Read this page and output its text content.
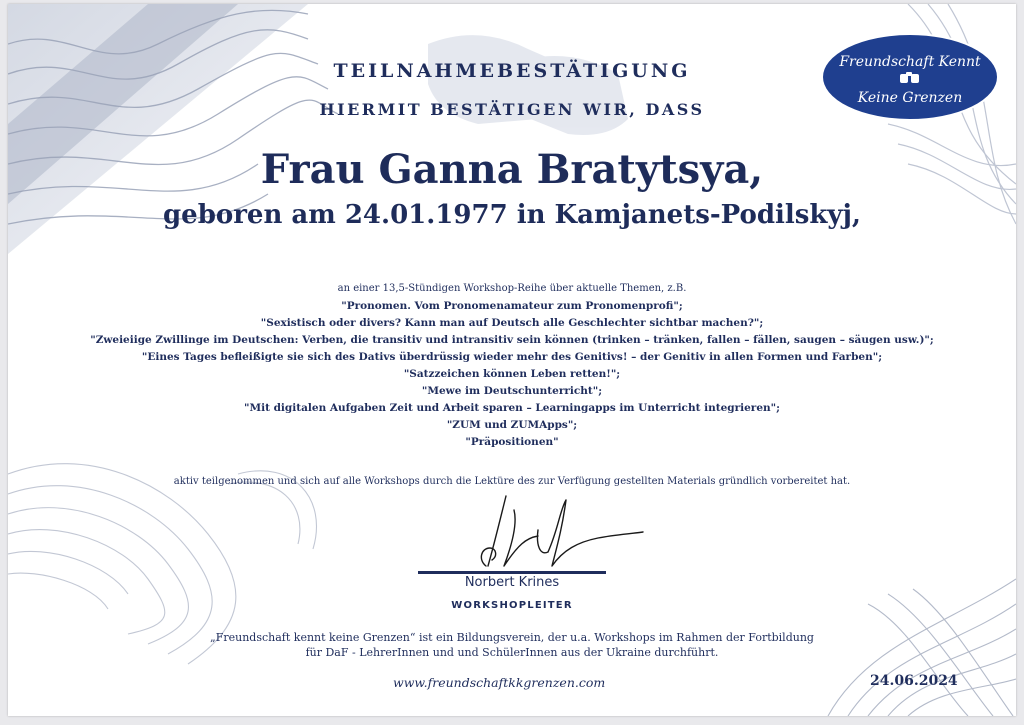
Freundschaft Kennt
Keine Grenzen
TEILNAHMEBESTÄTIGUNG
HIERMIT BESTÄTIGEN WIR, DASS
Frau Ganna Bratytsya,
geboren am 24.01.1977 in Kamjanets-Podilskyj,
an einer 13,5-Stündigen Workshop-Reihe über aktuelle Themen, z.B.
"Pronomen. Vom Pronomenamateur zum Pronomenprofi";
"Sexistisch oder divers? Kann man auf Deutsch alle Geschlechter sichtbar machen?";
"Zweieiige Zwillinge im Deutschen: Verben, die transitiv und intransitiv sein können (trinken – tränken, fallen – fällen, saugen – säugen usw.)";
"Eines Tages befleißigte sie sich des Dativs überdrüssig wieder mehr des Genitivs! – der Genitiv in allen Formen und Farben";
"Satzzeichen können Leben retten!";
"Mewe im Deutschunterricht";
"Mit digitalen Aufgaben Zeit und Arbeit sparen – Learningapps im Unterricht integrieren";
"ZUM und ZUMApps";
"Präpositionen"
aktiv teilgenommen und sich auf alle Workshops durch die Lektüre des zur Verfügung gestellten Materials gründlich vorbereitet hat.
Norbert Krines
WORKSHOPLEITER
„Freundschaft kennt keine Grenzen“ ist ein Bildungsverein, der u.a. Workshops im Rahmen der Fortbildung
für DaF - LehrerInnen und und SchülerInnen aus der Ukraine durchführt.
www.freundschaftkkgrenzen.com	24.06.2024
